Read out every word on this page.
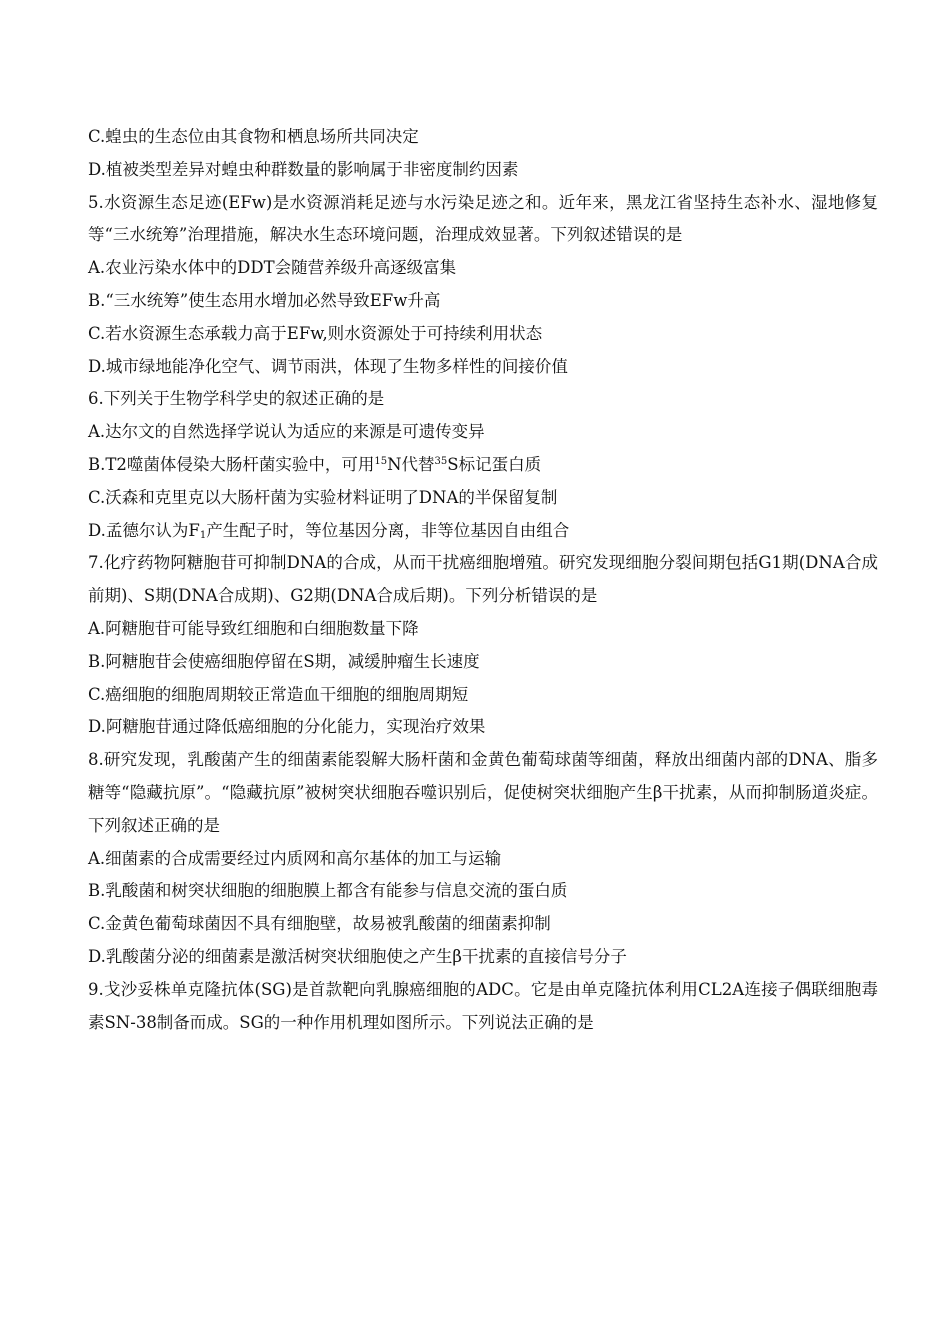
C.蝗虫的生态位由其食物和栖息场所共同决定
D.植被类型差异对蝗虫种群数量的影响属于非密度制约因素
5.水资源生态足迹(EFw)是水资源消耗足迹与水污染足迹之和。近年来，黑龙江省坚持生态补水、湿地修复等“三水统筹”治理措施，解决水生态环境问题，治理成效显著。下列叙述错误的是
A.农业污染水体中的DDT会随营养级升高逐级富集
B.“三水统筹”使生态用水增加必然导致EFw升高
C.若水资源生态承载力高于EFw,则水资源处于可持续利用状态
D.城市绿地能净化空气、调节雨洪，体现了生物多样性的间接价值
6.下列关于生物学科学史的叙述正确的是
A.达尔文的自然选择学说认为适应的来源是可遗传变异
B.T2噬菌体侵染大肠杆菌实验中，可用$^{15}$N代替$^{35}$S标记蛋白质
C.沃森和克里克以大肠杆菌为实验材料证明了DNA的半保留复制
D.孟德尔认为$F_1$产生配子时，等位基因分离，非等位基因自由组合
7.化疗药物阿糖胞苷可抑制DNA的合成，从而干扰癌细胞增殖。研究发现细胞分裂间期包括G1期(DNA合成前期)、S期(DNA合成期)、G2期(DNA合成后期)。下列分析错误的是
A.阿糖胞苷可能导致红细胞和白细胞数量下降
B.阿糖胞苷会使癌细胞停留在S期，减缓肿瘤生长速度
C.癌细胞的细胞周期较正常造血干细胞的细胞周期短
D.阿糖胞苷通过降低癌细胞的分化能力，实现治疗效果
8.研究发现，乳酸菌产生的细菌素能裂解大肠杆菌和金黄色葡萄球菌等细菌，释放出细菌内部的DNA、脂多糖等“隐藏抗原”。“隐藏抗原”被树突状细胞吞噬识别后，促使树突状细胞产生β干扰素，从而抑制肠道炎症。下列叙述正确的是
A.细菌素的合成需要经过内质网和高尔基体的加工与运输
B.乳酸菌和树突状细胞的细胞膜上都含有能参与信息交流的蛋白质
C.金黄色葡萄球菌因不具有细胞壁，故易被乳酸菌的细菌素抑制
D.乳酸菌分泌的细菌素是激活树突状细胞使之产生β干扰素的直接信号分子
9.戈沙妥株单克隆抗体(SG)是首款靶向乳腺癌细胞的ADC。它是由单克隆抗体利用CL2A连接子偶联细胞毒素SN-38制备而成。SG的一种作用机理如图所示。下列说法正确的是
